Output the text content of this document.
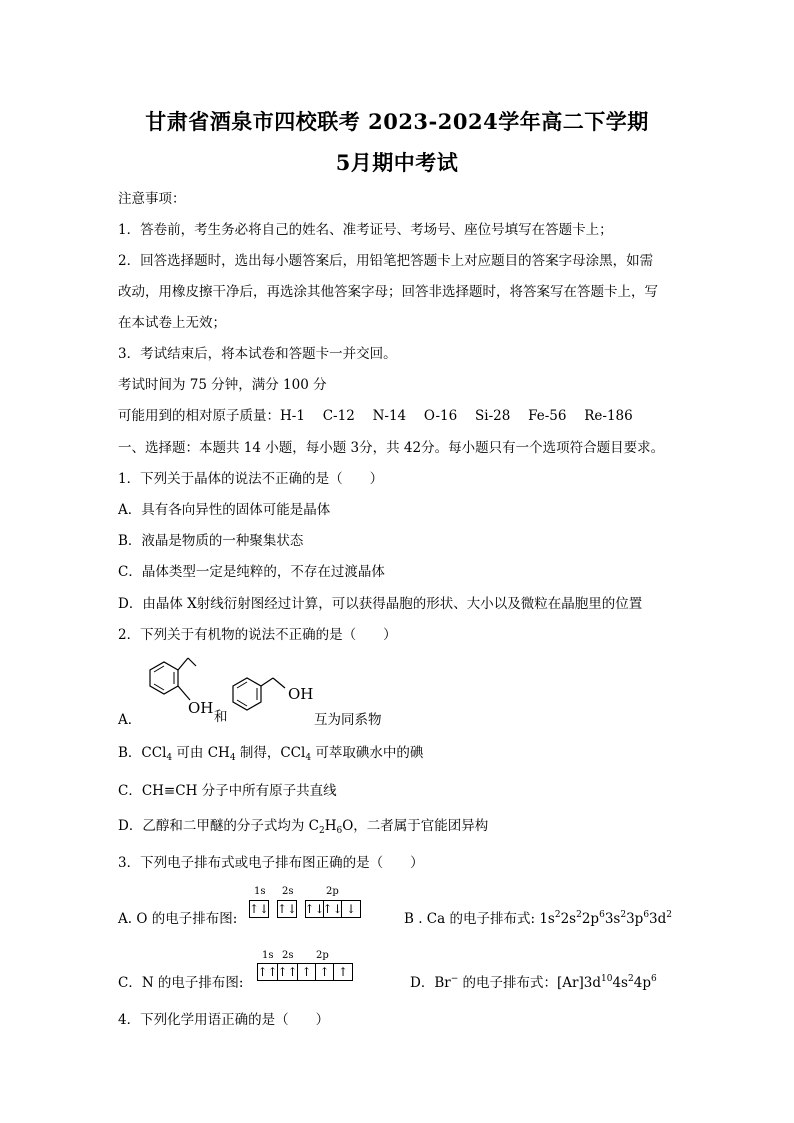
甘肃省酒泉市四校联考 2023-2024学年高二下学期
5月期中考试
注意事项：
1．答卷前，考生务必将自己的姓名、准考证号、考场号、座位号填写在答题卡上；
2．回答选择题时，选出每小题答案后，用铅笔把答题卡上对应题目的答案字母涂黑，如需
改动，用橡皮擦干净后，再选涂其他答案字母；回答非选择题时，将答案写在答题卡上，写
在本试卷上无效；
3．考试结束后，将本试卷和答题卡一并交回。
考试时间为 75 分钟，满分 100 分
可能用到的相对原子质量：H-1　 C-12　 N-14　 O-16　 Si-28　 Fe-56　 Re-186
一、选择题：本题共 14 小题，每小题 3分，共 42分。每小题只有一个选项符合题目要求。
1．下列关于晶体的说法不正确的是（　　）
A．具有各向异性的固体可能是晶体
B．液晶是物质的一种聚集状态
C．晶体类型一定是纯粹的，不存在过渡晶体
D．由晶体 X射线衍射图经过计算，可以获得晶胞的形状、大小以及微粒在晶胞里的位置
2．下列关于有机物的说法不正确的是（　　）
OH 和
OH
A．	互为同系物
B．CCl$_4$ 可由 $CH_4$ 制得，CCl$_4$ 可萃取碘水中的碘
C．CH≡CH 分子中所有原子共直线
D．乙醇和二甲醚的分子式均为 $C_2H_6O$，二者属于官能团异构
3．下列电子排布式或电子排布图正确的是（　　）
A. O 的电子排布图:
1s 2s	2p
↑↓ ↑↓ ↑↓
↑↓ ↓
B . Ca 的电子排布式: $1s^22s^22p^63s^23p^63d^2$
C．N 的电子排布图:
1s 2s 2p
↑↑ ↑↑ ↑ ↑ ↑
D．Br− 的电子排布式：$[Ar]3d^{10}4s^24p^6$
4．下列化学用语正确的是（　　）
